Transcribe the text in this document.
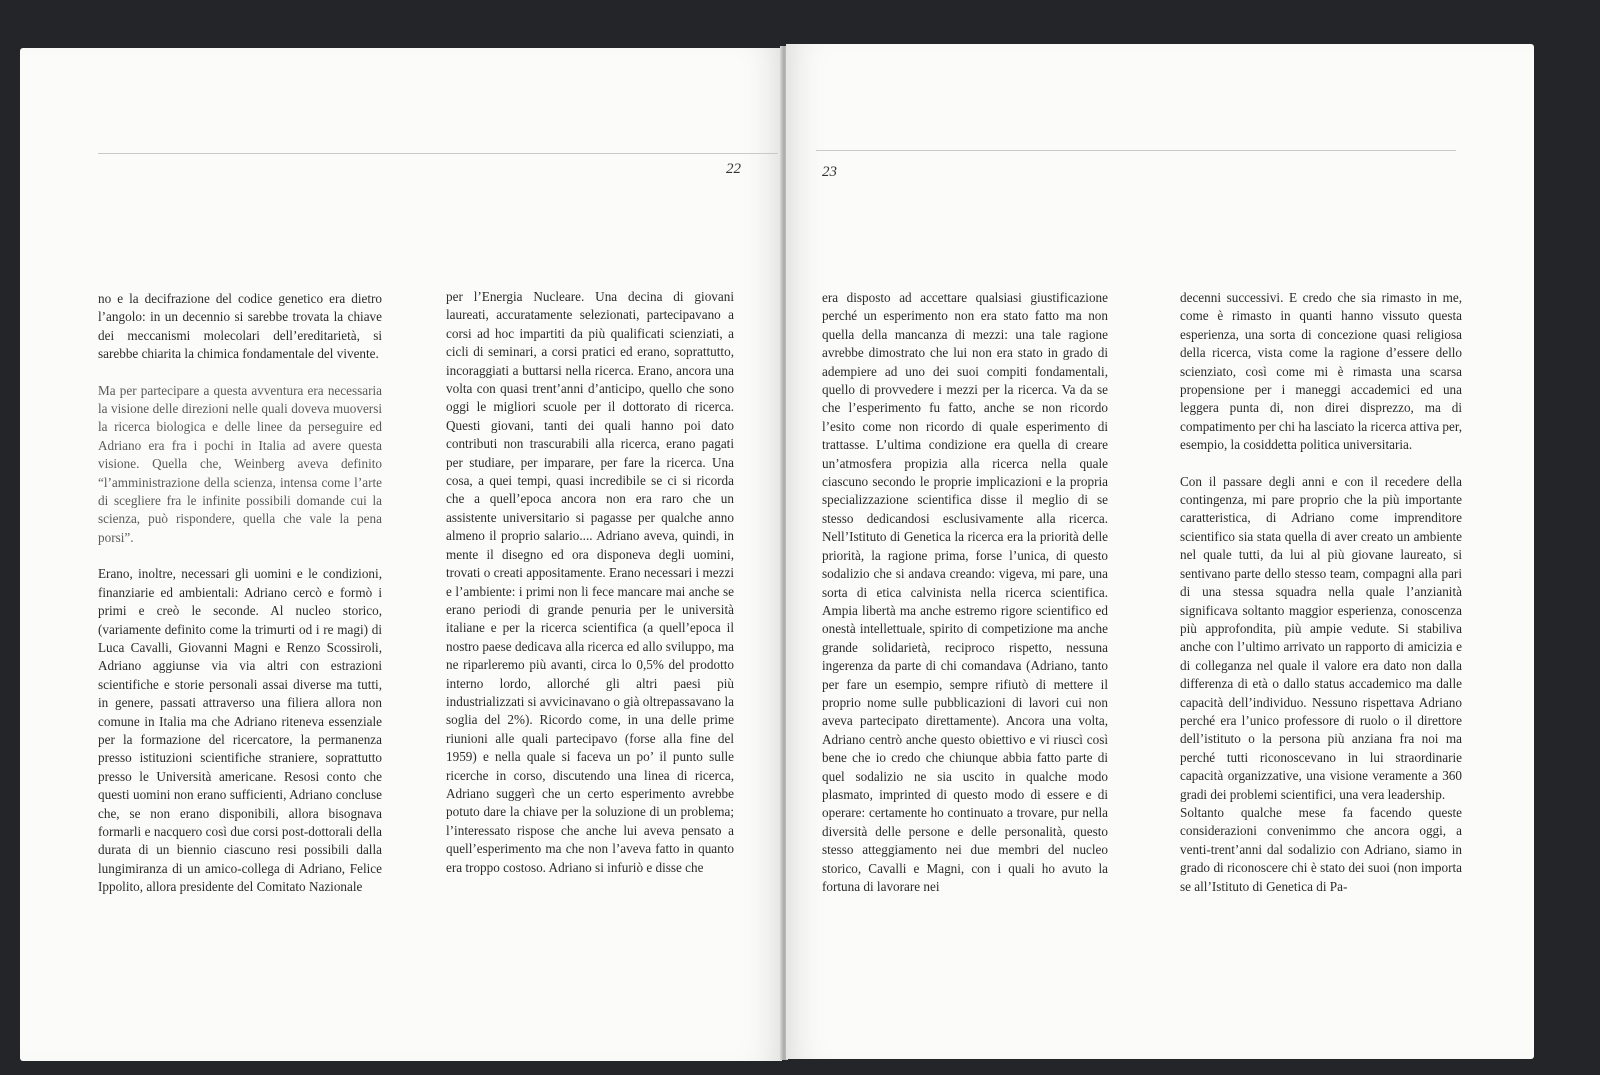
22

no e la decifrazione del codice genetico era dietro l’angolo: in un decennio si sarebbe trovata la chiave dei meccanismi molecolari dell’ereditarietà, si sarebbe chiarita la chimica fondamentale del vivente.

Ma per partecipare a questa avventura era necessaria la visione delle direzioni nelle quali doveva muoversi la ricerca biologica e delle linee da perseguire ed Adriano era fra i pochi in Italia ad avere questa visione. Quella che, Weinberg aveva definito “l’amministrazione della scienza, intensa come l’arte di scegliere fra le infinite possibili domande cui la scienza, può rispondere, quella che vale la pena porsi”.

Erano, inoltre, necessari gli uomini e le condizioni, finanziarie ed ambientali: Adriano cercò e formò i primi e creò le seconde. Al nucleo storico, (variamente definito come la trimurti od i re magi) di Luca Cavalli, Giovanni Magni e Renzo Scossiroli, Adriano aggiunse via via altri con estrazioni scientifiche e storie personali assai diverse ma tutti, in genere, passati attraverso una filiera allora non comune in Italia ma che Adriano riteneva essenziale per la formazione del ricercatore, la permanenza presso istituzioni scientifiche straniere, soprattutto presso le Università americane. Resosi conto che questi uomini non erano sufficienti, Adriano concluse che, se non erano disponibili, allora bisognava formarli e nacquero così due corsi post-dottorali della durata di un biennio ciascuno resi possibili dalla lungimiranza di un amico-collega di Adriano, Felice Ippolito, allora presidente del Comitato Nazionale

per l’Energia Nucleare. Una decina di giovani laureati, accuratamente selezionati, partecipavano a corsi ad hoc impartiti da più qualificati scienziati, a cicli di seminari, a corsi pratici ed erano, soprattutto, incoraggiati a buttarsi nella ricerca. Erano, ancora una volta con quasi trent’anni d’anticipo, quello che sono oggi le migliori scuole per il dottorato di ricerca. Questi giovani, tanti dei quali hanno poi dato contributi non trascurabili alla ricerca, erano pagati per studiare, per imparare, per fare la ricerca. Una cosa, a quei tempi, quasi incredibile se ci si ricorda che a quell’epoca ancora non era raro che un assistente universitario si pagasse per qualche anno almeno il proprio salario.... Adriano aveva, quindi, in mente il disegno ed ora disponeva degli uomini, trovati o creati appositamente. Erano necessari i mezzi e l’ambiente: i primi non li fece mancare mai anche se erano periodi di grande penuria per le università italiane e per la ricerca scientifica (a quell’epoca il nostro paese dedicava alla ricerca ed allo sviluppo, ma ne riparleremo più avanti, circa lo 0,5% del prodotto interno lordo, allorché gli altri paesi più industrializzati si avvicinavano o già oltrepassavano la soglia del 2%). Ricordo come, in una delle prime riunioni alle quali partecipavo (forse alla fine del 1959) e nella quale si faceva un po’ il punto sulle ricerche in corso, discutendo una linea di ricerca, Adriano suggerì che un certo esperimento avrebbe potuto dare la chiave per la soluzione di un problema; l’interessato rispose che anche lui aveva pensato a quell’esperimento ma che non l’aveva fatto in quanto era troppo costoso. Adriano si infuriò e disse che

23

era disposto ad accettare qualsiasi giustificazione perché un esperimento non era stato fatto ma non quella della mancanza di mezzi: una tale ragione avrebbe dimostrato che lui non era stato in grado di adempiere ad uno dei suoi compiti fondamentali, quello di provvedere i mezzi per la ricerca. Va da se che l’esperimento fu fatto, anche se non ricordo l’esito come non ricordo di quale esperimento di trattasse. L’ultima condizione era quella di creare un’atmosfera propizia alla ricerca nella quale ciascuno secondo le proprie implicazioni e la propria specializzazione scientifica disse il meglio di se stesso dedicandosi esclusivamente alla ricerca. Nell’Istituto di Genetica la ricerca era la priorità delle priorità, la ragione prima, forse l’unica, di questo sodalizio che si andava creando: vigeva, mi pare, una sorta di etica calvinista nella ricerca scientifica. Ampia libertà ma anche estremo rigore scientifico ed onestà intellettuale, spirito di competizione ma anche grande solidarietà, reciproco rispetto, nessuna ingerenza da parte di chi comandava (Adriano, tanto per fare un esempio, sempre rifiutò di mettere il proprio nome sulle pubblicazioni di lavori cui non aveva partecipato direttamente). Ancora una volta, Adriano centrò anche questo obiettivo e vi riuscì così bene che io credo che chiunque abbia fatto parte di quel sodalizio ne sia uscito in qualche modo plasmato, imprinted di questo modo di essere e di operare: certamente ho continuato a trovare, pur nella diversità delle persone e delle personalità, questo stesso atteggiamento nei due membri del nucleo storico, Cavalli e Magni, con i quali ho avuto la fortuna di lavorare nei

decenni successivi. E credo che sia rimasto in me, come è rimasto in quanti hanno vissuto questa esperienza, una sorta di concezione quasi religiosa della ricerca, vista come la ragione d’essere dello scienziato, così come mi è rimasta una scarsa propensione per i maneggi accademici ed una leggera punta di, non direi disprezzo, ma di compatimento per chi ha lasciato la ricerca attiva per, esempio, la cosiddetta politica universitaria.

Con il passare degli anni e con il recedere della contingenza, mi pare proprio che la più importante caratteristica, di Adriano come imprenditore scientifico sia stata quella di aver creato un ambiente nel quale tutti, da lui al più giovane laureato, si sentivano parte dello stesso team, compagni alla pari di una stessa squadra nella quale l’anzianità significava soltanto maggior esperienza, conoscenza più approfondita, più ampie vedute. Si stabiliva anche con l’ultimo arrivato un rapporto di amicizia e di colleganza nel quale il valore era dato non dalla differenza di età o dallo status accademico ma dalle capacità dell’individuo. Nessuno rispettava Adriano perché era l’unico professore di ruolo o il direttore dell’istituto o la persona più anziana fra noi ma perché tutti riconoscevano in lui straordinarie capacità organizzative, una visione veramente a 360 gradi dei problemi scientifici, una vera leadership.

Soltanto qualche mese fa facendo queste considerazioni convenimmo che ancora oggi, a venti-trent’anni dal sodalizio con Adriano, siamo in grado di riconoscere chi è stato dei suoi (non importa se all’Istituto di Genetica di Pa-
